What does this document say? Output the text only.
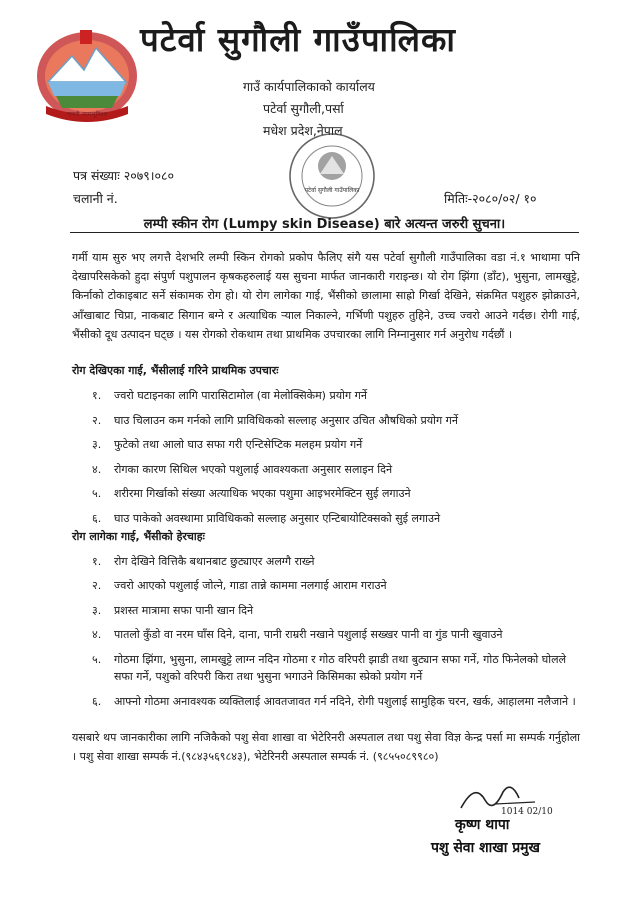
जननी जन्मभूमिश्च
पटेर्वा सुगौली गाउँपालिका
गाउँ कार्यपालिकाको कार्यालय
पटेर्वा सुगौली,पर्सा
मधेश प्रदेश,नेपाल
पटेर्वा सुगौली गाउँपालिका
पत्र संख्याः २०७९।०८०
चलानी नं.	मितिः-२०८०/०२/ १०
लम्पी स्कीन रोग (Lumpy skin Disease) बारे अत्यन्त जरुरी सुचना।

गर्मी याम सुरु भए लगत्तै देशभरि लम्पी स्किन रोगको प्रकोप फैलिए संगै यस पटेर्वा सुगौली गाउँपालिका वडा नं.१ भाथामा पनि देखापरिसकेको हुदा संपुर्ण पशुपालन कृषकहरुलाई यस सुचना मार्फत जानकारी गराइन्छ। यो रोग झिंगा (डाँट), भुसुना, लामखुट्टे, किर्नाको टोकाइबाट सर्ने संकामक रोग हो। यो रोग लागेका गाई, भैंसीको छालामा साह्रो गिर्खा देखिने, संक्रमित पशुहरु झोक्राउने, आँखाबाट चिप्रा, नाकबाट सिगान बग्ने र अत्याधिक र्‍याल निकाल्ने, गर्भिणी पशुहरु तुहिने, उच्च ज्वरो आउने गर्दछ। रोगी गाई, भैंसीको दूध उत्पादन घट्छ । यस रोगको रोकथाम तथा प्राथमिक उपचारका लागि निम्नानुसार गर्न अनुरोध गर्दछौं ।

रोग देखिएका गाई, भैंसीलाई गरिने प्राथमिक उपचारः
१.	ज्वरो घटाइनका लागि पारासिटामोल (वा मेलोक्सिकेम) प्रयोग गर्ने
२.	घाउ चिलाउन कम गर्नको लागि प्राविधिकको सल्लाह अनुसार उचित औषधिको प्रयोग गर्ने
३.	फुटेको तथा आलो घाउ सफा गरी एन्टिसेप्टिक मलहम प्रयोग गर्ने
४.	रोगका कारण सिथिल भएको पशुलाई आवश्यकता अनुसार सलाइन दिने
५.	शरीरमा गिर्खाको संख्या अत्याधिक भएका पशुमा आइभरमेक्टिन सुई लगाउने
६.	घाउ पाकेको अवस्थामा प्राविधिकको सल्लाह अनुसार एन्टिबायोटिक्सको सुई लगाउने
रोग लागेका गाई, भैंसीको हेरचाहः
१.	रोग देखिने वित्तिकै बथानबाट छुट्याएर अलग्गै राख्ने
२.	ज्वरो आएको पशुलाई जोत्ने, गाडा तान्ने काममा नलगाई आराम गराउने
३.	प्रशस्त मात्रामा सफा पानी खान दिने
४.	पातलो कुँडो वा नरम घाँस दिने, दाना, पानी राम्ररी नखाने पशुलाई सख्खर पानी वा गुंड पानी खुवाउने
५.	गोठमा झिंगा, भुसुना, लामखुट्टे लाग्न नदिन गोठमा र गोठ वरिपरी झाडी तथा बुट्यान सफा गर्ने, गोठ फिनेलको घोलले सफा गर्ने, पशुको वरिपरी किरा तथा भुसुना भगाउने किसिमका स्प्रेको प्रयोग गर्ने
६.	आफ्नो गोठमा अनावश्यक व्यक्तिलाई आवतजावत गर्न नदिने, रोगी पशुलाई सामुहिक चरन, खर्क, आहालमा नलैजाने ।

यसबारे थप जानकारीका लागि नजिकैको पशु सेवा शाखा वा भेटेरिनरी अस्पताल तथा पशु सेवा विज्ञ केन्द्र पर्सा मा सम्पर्क गर्नुहोला । पशु सेवा शाखा सम्पर्क नं.(९८४३५६९८४३), भेटेरिनरी अस्पताल सम्पर्क नं. (९८५५०८९९८०)

1014 02/10
कृष्ण थापा
पशु सेवा शाखा प्रमुख
